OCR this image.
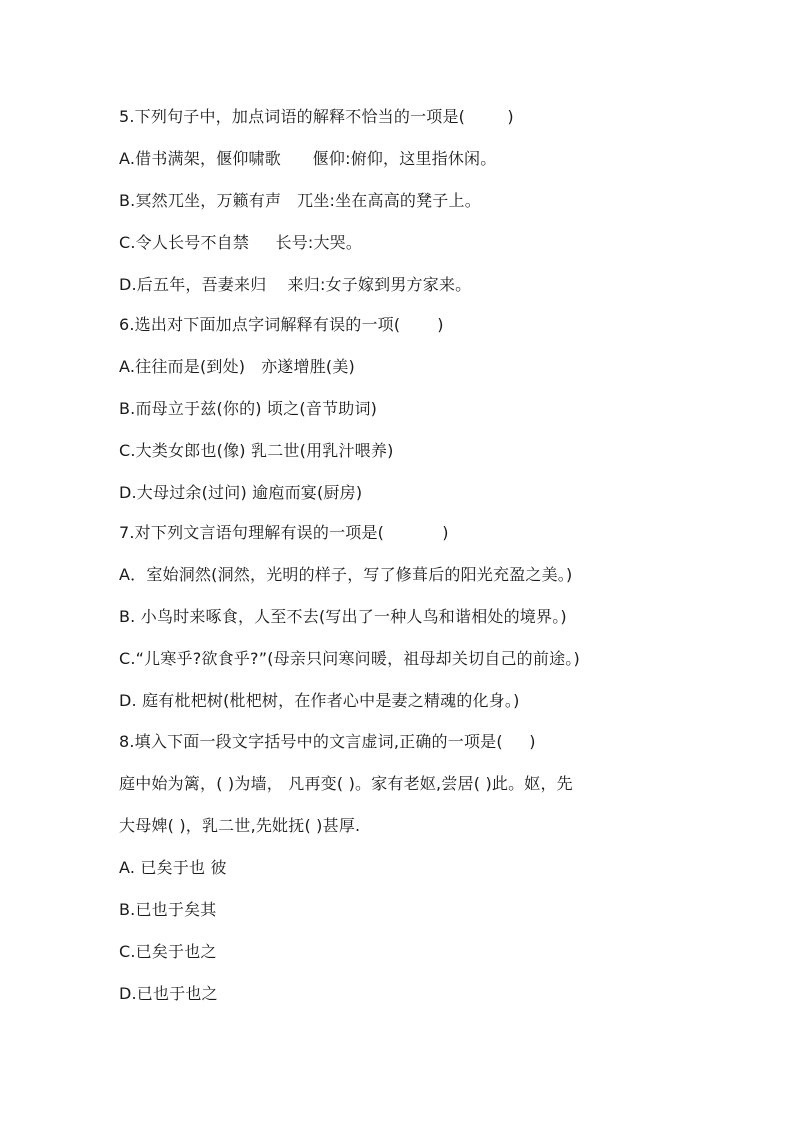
5.下列句子中，加点词语的解释不恰当的一项是(        )
A.借书满架，偃仰啸歌      偃仰:俯仰，这里指休闲。
B.冥然兀坐，万籁有声   兀坐:坐在高高的凳子上。
C.令人长号不自禁     长号:大哭。
D.后五年，吾妻来归    来归:女子嫁到男方家来。
6.选出对下面加点字词解释有误的一项(       )
A.往往而是(到处)   亦遂增胜(美)
B.而母立于兹(你的) 顷之(音节助词)
C.大类女郎也(像) 乳二世(用乳汁喂养)
D.大母过余(过问) 逾庖而宴(厨房)
7.对下列文言语句理解有误的一项是(           )
A．室始洞然(洞然，光明的样子，写了修葺后的阳光充盈之美。)
B. 小鸟时来啄食，人至不去(写出了一种人鸟和谐相处的境界。)
C.“儿寒乎?欲食乎?”(母亲只问寒问暖，祖母却关切自己的前途。)
D. 庭有枇杷树(枇杷树，在作者心中是妻之精魂的化身。)
8.填入下面一段文字括号中的文言虚词,正确的一项是(     )
庭中始为篱，( )为墙， 凡再变( )。家有老妪,尝居( )此。妪，先
大母婢( )，乳二世,先妣抚( )甚厚.
A. 已矣于也 彼
B.已也于矣其
C.已矣于也之
D.已也于也之
